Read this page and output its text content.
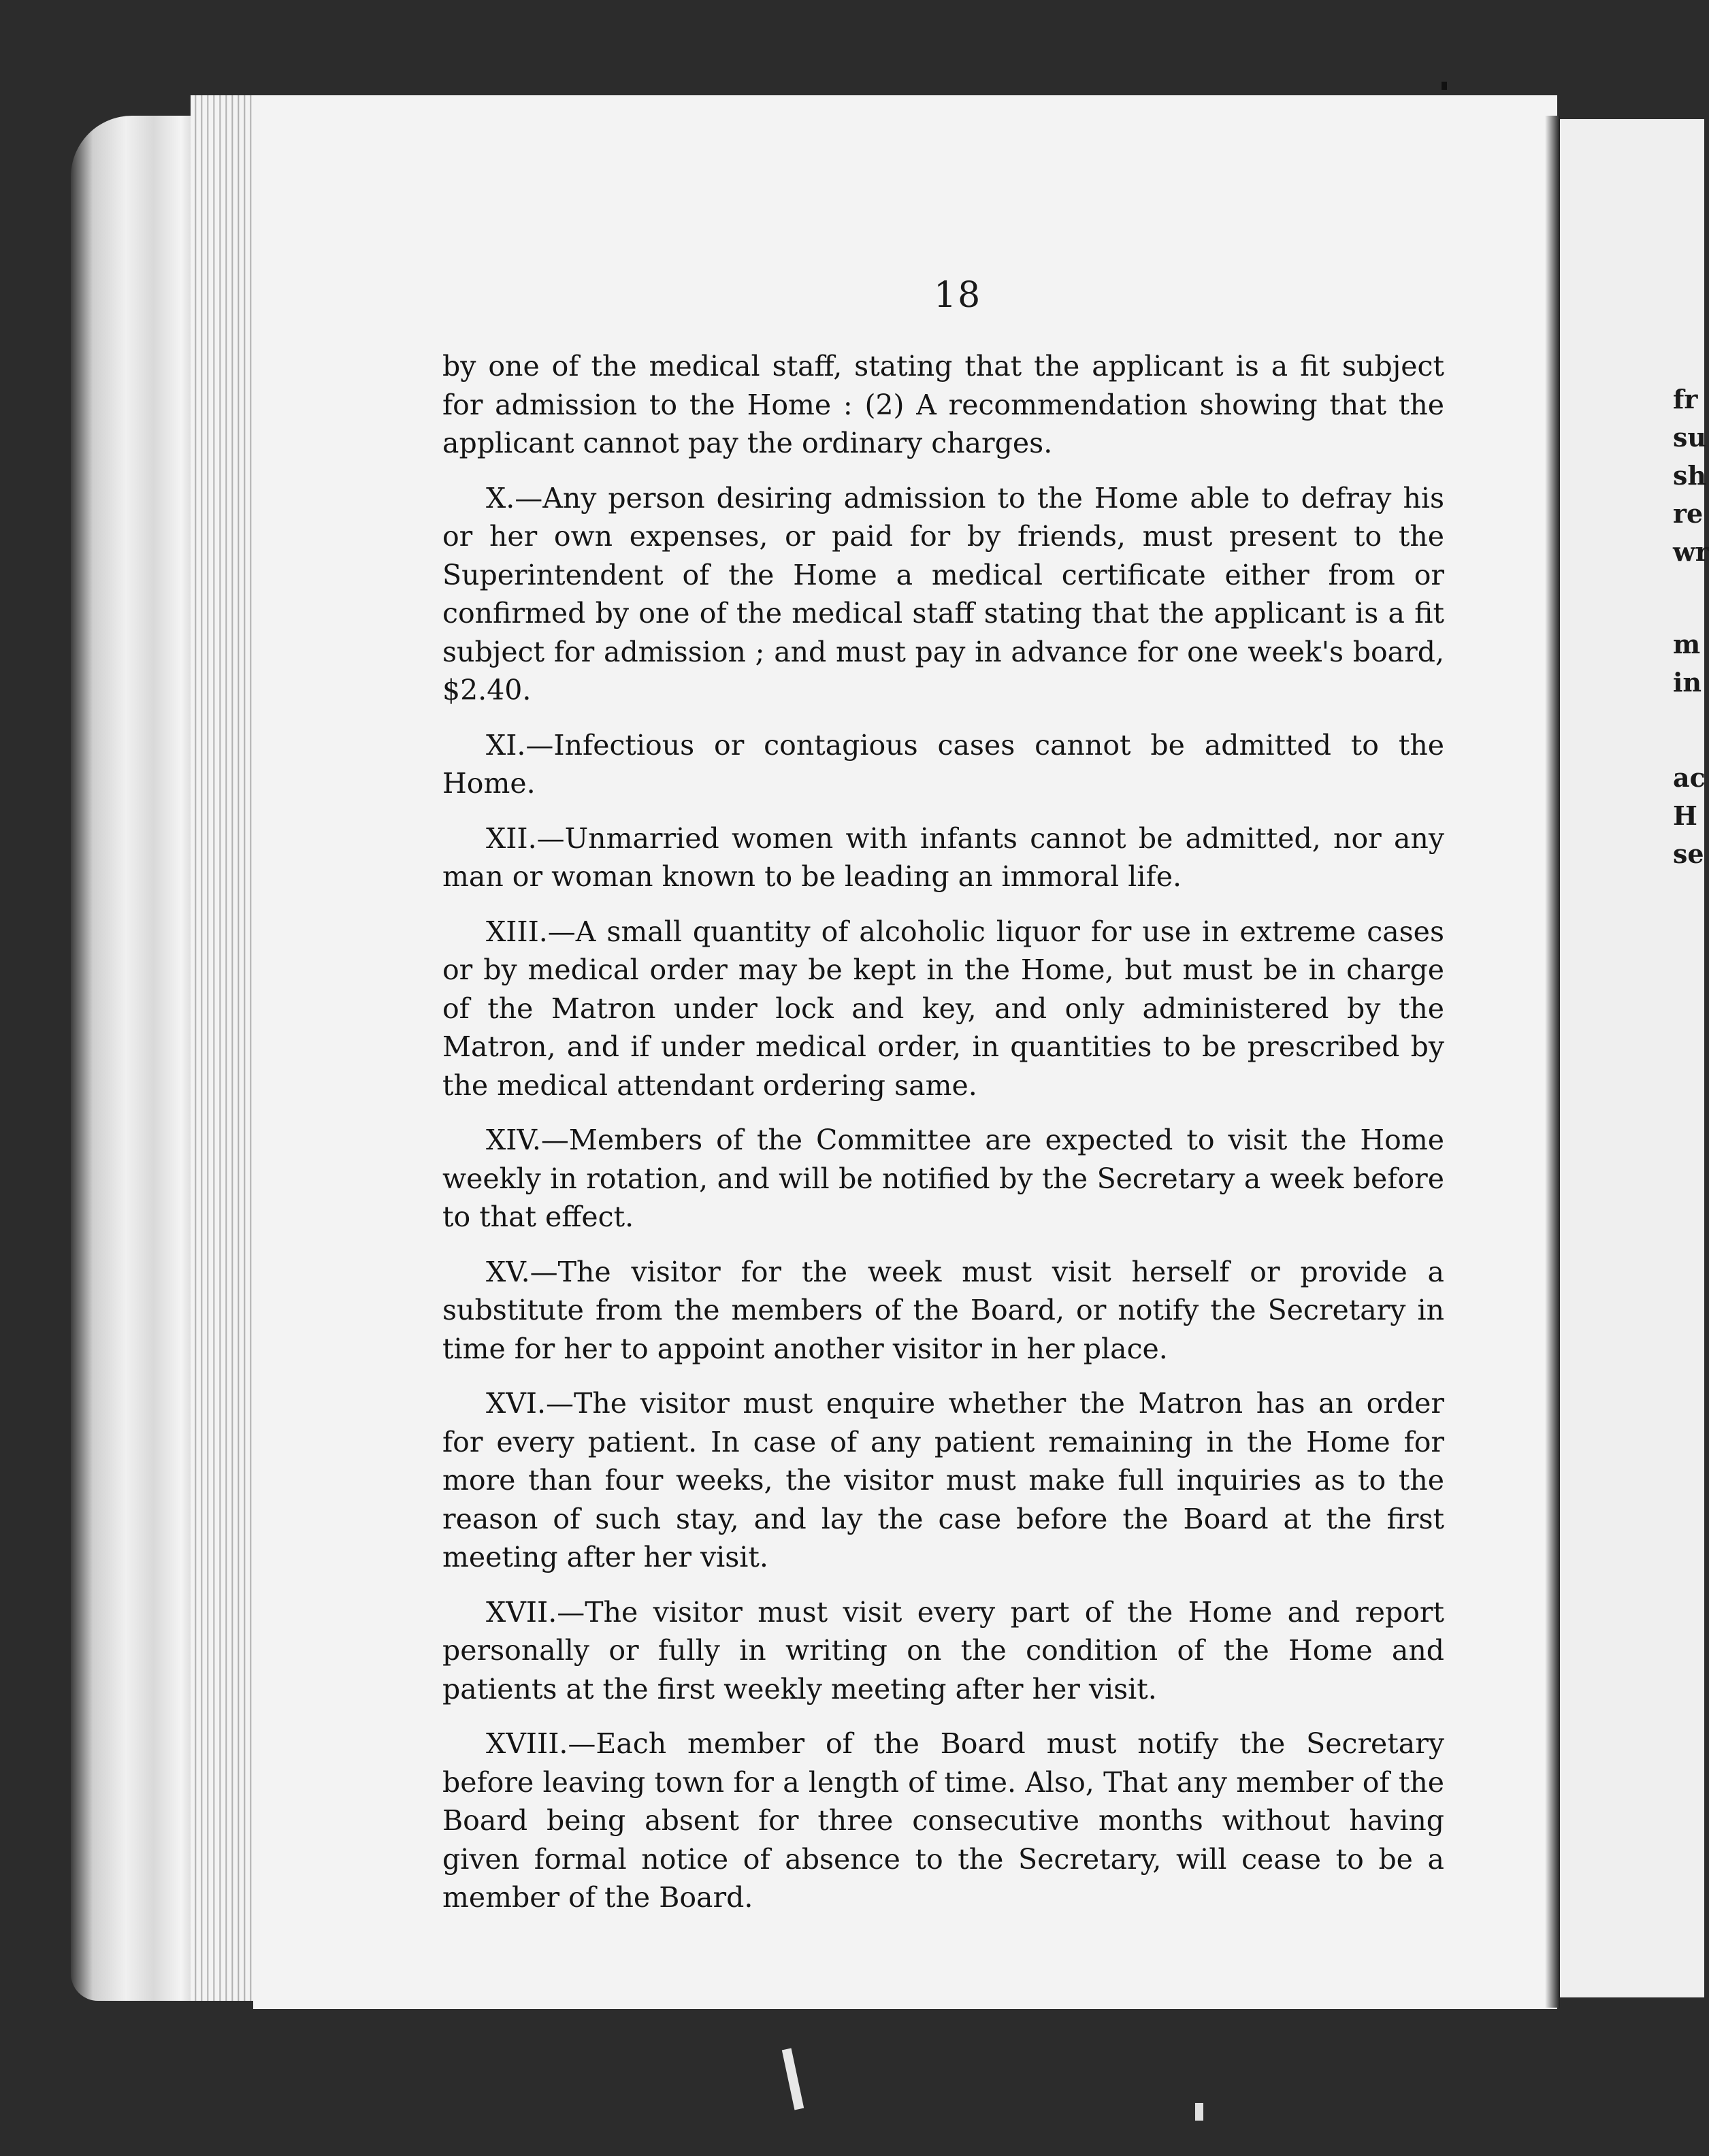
18

by one of the medical staff, stating that the applicant is a fit subject for admission to the Home : (2) A recommendation showing that the applicant cannot pay the ordinary charges.

X.—Any person desiring admission to the Home able to defray his or her own expenses, or paid for by friends, must present to the Superintendent of the Home a medical certificate either from or confirmed by one of the medical staff stating that the applicant is a fit subject for admission ; and must pay in advance for one week's board, $2.40.

XI.—Infectious or contagious cases cannot be admitted to the Home.

XII.—Unmarried women with infants cannot be admitted, nor any man or woman known to be leading an immoral life.

XIII.—A small quantity of alcoholic liquor for use in extreme cases or by medical order may be kept in the Home, but must be in charge of the Matron under lock and key, and only administered by the Matron, and if under medical order, in quantities to be prescribed by the medical attendant ordering same.

XIV.—Members of the Committee are expected to visit the Home weekly in rotation, and will be notified by the Secretary a week before to that effect.

XV.—The visitor for the week must visit herself or provide a substitute from the members of the Board, or notify the Secretary in time for her to appoint another visitor in her place.

XVI.—The visitor must enquire whether the Matron has an order for every patient. In case of any patient remaining in the Home for more than four weeks, the visitor must make full inquiries as to the reason of such stay, and lay the case before the Board at the first meeting after her visit.

XVII.—The visitor must visit every part of the Home and report personally or fully in writing on the condition of the Home and patients at the first weekly meeting after her visit.

XVIII.—Each member of the Board must notify the Secretary before leaving town for a length of time. Also, That any member of the Board being absent for three consecutive months without having given formal notice of absence to the Secretary, will cease to be a member of the Board.

fr
su
sh
re
wr
m
in
ac
H
se
